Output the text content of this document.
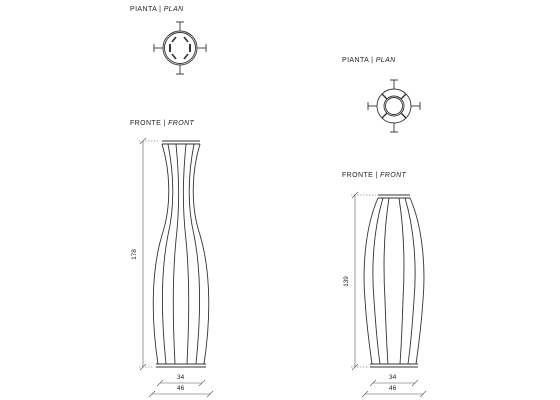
PIANTA | PLAN
PIANTA | PLAN
FRONTE | FRONT
FRONTE | FRONT
178
34
46
139
34
46
